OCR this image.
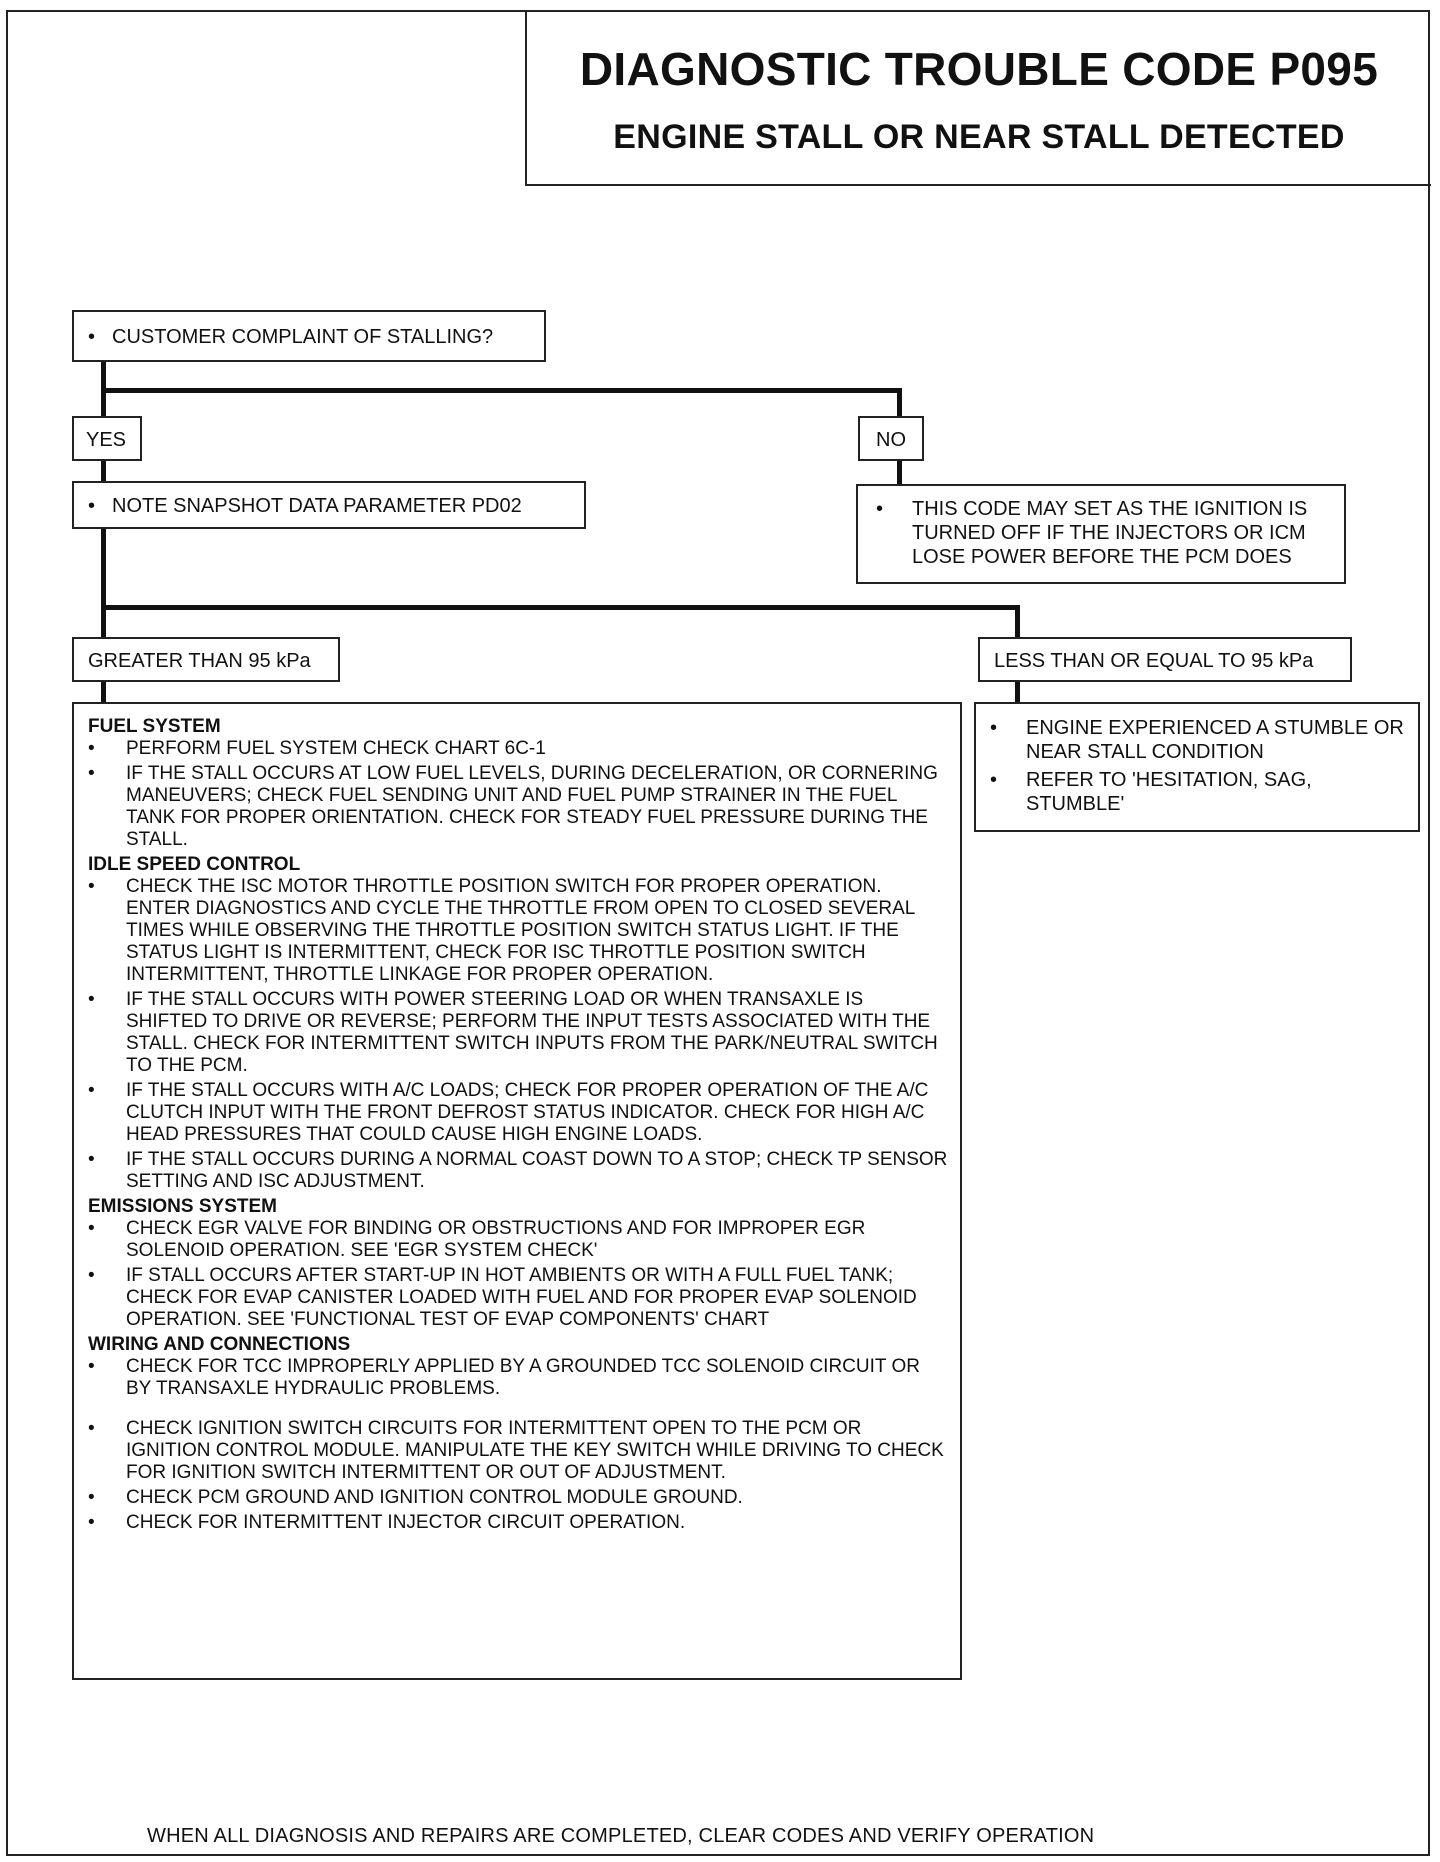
DIAGNOSTIC TROUBLE CODE P095
ENGINE STALL OR NEAR STALL DETECTED
• CUSTOMER COMPLAINT OF STALLING?
YES	NO
• NOTE SNAPSHOT DATA PARAMETER PD02	•	THIS CODE MAY SET AS THE IGNITION IS TURNED OFF IF THE INJECTORS OR ICM LOSE POWER BEFORE THE PCM DOES
GREATER THAN 95 kPa	LESS THAN OR EQUAL TO 95 kPa
FUEL SYSTEM
•	PERFORM FUEL SYSTEM CHECK CHART 6C-1
•	IF THE STALL OCCURS AT LOW FUEL LEVELS, DURING DECELERATION, OR CORNERING MANEUVERS; CHECK FUEL SENDING UNIT AND FUEL PUMP STRAINER IN THE FUEL TANK FOR PROPER ORIENTATION. CHECK FOR STEADY FUEL PRESSURE DURING THE STALL.
IDLE SPEED CONTROL
•	CHECK THE ISC MOTOR THROTTLE POSITION SWITCH FOR PROPER OPERATION. ENTER DIAGNOSTICS AND CYCLE THE THROTTLE FROM OPEN TO CLOSED SEVERAL TIMES WHILE OBSERVING THE THROTTLE POSITION SWITCH STATUS LIGHT. IF THE STATUS LIGHT IS INTERMITTENT, CHECK FOR ISC THROTTLE POSITION SWITCH INTERMITTENT, THROTTLE LINKAGE FOR PROPER OPERATION.
•	IF THE STALL OCCURS WITH POWER STEERING LOAD OR WHEN TRANSAXLE IS SHIFTED TO DRIVE OR REVERSE; PERFORM THE INPUT TESTS ASSOCIATED WITH THE STALL. CHECK FOR INTERMITTENT SWITCH INPUTS FROM THE PARK/NEUTRAL SWITCH TO THE PCM.
•	IF THE STALL OCCURS WITH A/C LOADS; CHECK FOR PROPER OPERATION OF THE A/C CLUTCH INPUT WITH THE FRONT DEFROST STATUS INDICATOR. CHECK FOR HIGH A/C HEAD PRESSURES THAT COULD CAUSE HIGH ENGINE LOADS.
•	IF THE STALL OCCURS DURING A NORMAL COAST DOWN TO A STOP; CHECK TP SENSOR SETTING AND ISC ADJUSTMENT.
EMISSIONS SYSTEM
•	CHECK EGR VALVE FOR BINDING OR OBSTRUCTIONS AND FOR IMPROPER EGR SOLENOID OPERATION. SEE 'EGR SYSTEM CHECK'
•	IF STALL OCCURS AFTER START-UP IN HOT AMBIENTS OR WITH A FULL FUEL TANK; CHECK FOR EVAP CANISTER LOADED WITH FUEL AND FOR PROPER EVAP SOLENOID OPERATION. SEE 'FUNCTIONAL TEST OF EVAP COMPONENTS' CHART
WIRING AND CONNECTIONS
•	CHECK FOR TCC IMPROPERLY APPLIED BY A GROUNDED TCC SOLENOID CIRCUIT OR BY TRANSAXLE HYDRAULIC PROBLEMS.
•	CHECK IGNITION SWITCH CIRCUITS FOR INTERMITTENT OPEN TO THE PCM OR IGNITION CONTROL MODULE. MANIPULATE THE KEY SWITCH WHILE DRIVING TO CHECK FOR IGNITION SWITCH INTERMITTENT OR OUT OF ADJUSTMENT.
•	CHECK PCM GROUND AND IGNITION CONTROL MODULE GROUND.
•	CHECK FOR INTERMITTENT INJECTOR CIRCUIT OPERATION.
•	ENGINE EXPERIENCED A STUMBLE OR NEAR STALL CONDITION
•	REFER TO 'HESITATION, SAG, STUMBLE'
WHEN ALL DIAGNOSIS AND REPAIRS ARE COMPLETED, CLEAR CODES AND VERIFY OPERATION
